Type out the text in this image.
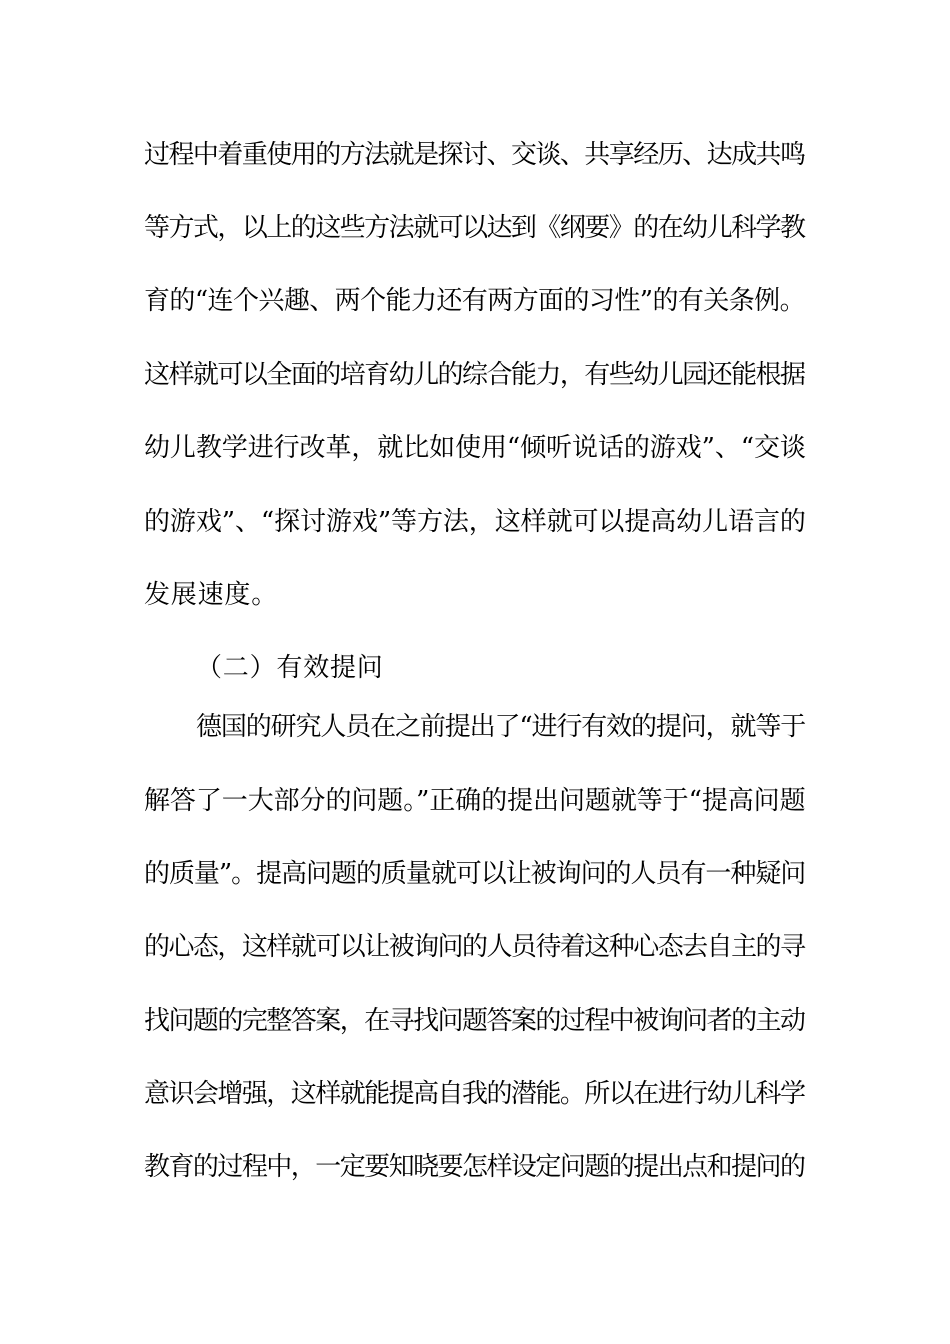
过程中着重使用的方法就是探讨、交谈、共享经历、达成共鸣
等方式，以上的这些方法就可以达到《纲要》的在幼儿科学教
育的“连个兴趣、两个能力还有两方面的习性”的有关条例。
这样就可以全面的培育幼儿的综合能力，有些幼儿园还能根据
幼儿教学进行改革，就比如使用“倾听说话的游戏”、“交谈
的游戏”、“探讨游戏”等方法，这样就可以提高幼儿语言的
发展速度。
（二）有效提问
德国的研究人员在之前提出了“进行有效的提问，就等于
解答了一大部分的问题。”正确的提出问题就等于“提高问题
的质量”。提高问题的质量就可以让被询问的人员有一种疑问
的心态，这样就可以让被询问的人员待着这种心态去自主的寻
找问题的完整答案，在寻找问题答案的过程中被询问者的主动
意识会增强，这样就能提高自我的潜能。所以在进行幼儿科学
教育的过程中，一定要知晓要怎样设定问题的提出点和提问的
